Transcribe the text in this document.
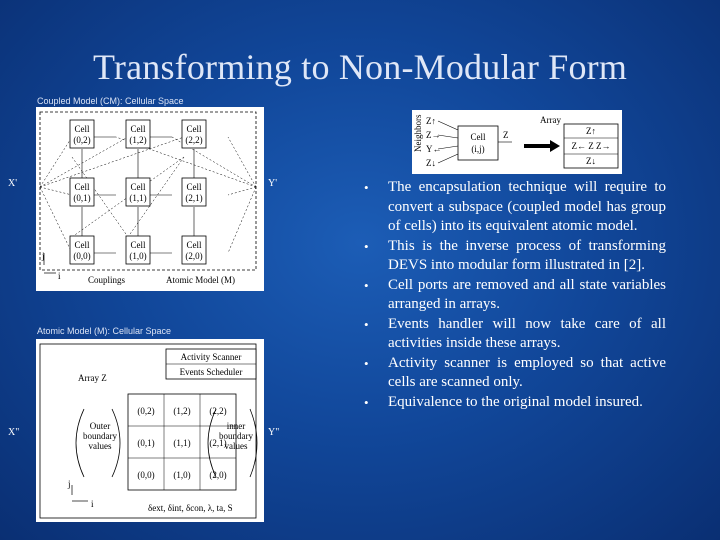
Transforming to Non-Modular Form
Coupled Model (CM): Cellular Space
Cell
(0,2)
Cell
(1,2)
Cell
(2,2)
Cell
(0,1)
Cell
(1,1)
Cell
(2,1)
Cell
(0,0)
Cell
(1,0)
Cell
(2,0)
j
i	Couplings	Atomic Model (M)
X'	Y'
Neighbors Z↑
Z→
Y←
Z↓
Cell
(i,j)
Z
Array
Z↑
Z← Z Z→
Z↓
Atomic Model (M): Cellular Space
Activity Scanner
Events Scheduler
Array Z
(0,2) (1,2) (2,2)
(0,1) (1,1) (2,1)
(0,0) (1,0) (2,0)
Outer boundary values
inner boundary values
j
i	δext, δint, δcon, λ, ta, S
X"	Y"
• The encapsulation technique will require to convert a subspace (coupled model has group of cells) into its equivalent atomic model.
• This is the inverse process of transforming DEVS into modular form illustrated in [2].
• Cell ports are removed and all state variables arranged in arrays.
• Events handler will now take care of all activities inside these arrays.
• Activity scanner is employed so that active cells are scanned only.
• Equivalence to the original model insured.
